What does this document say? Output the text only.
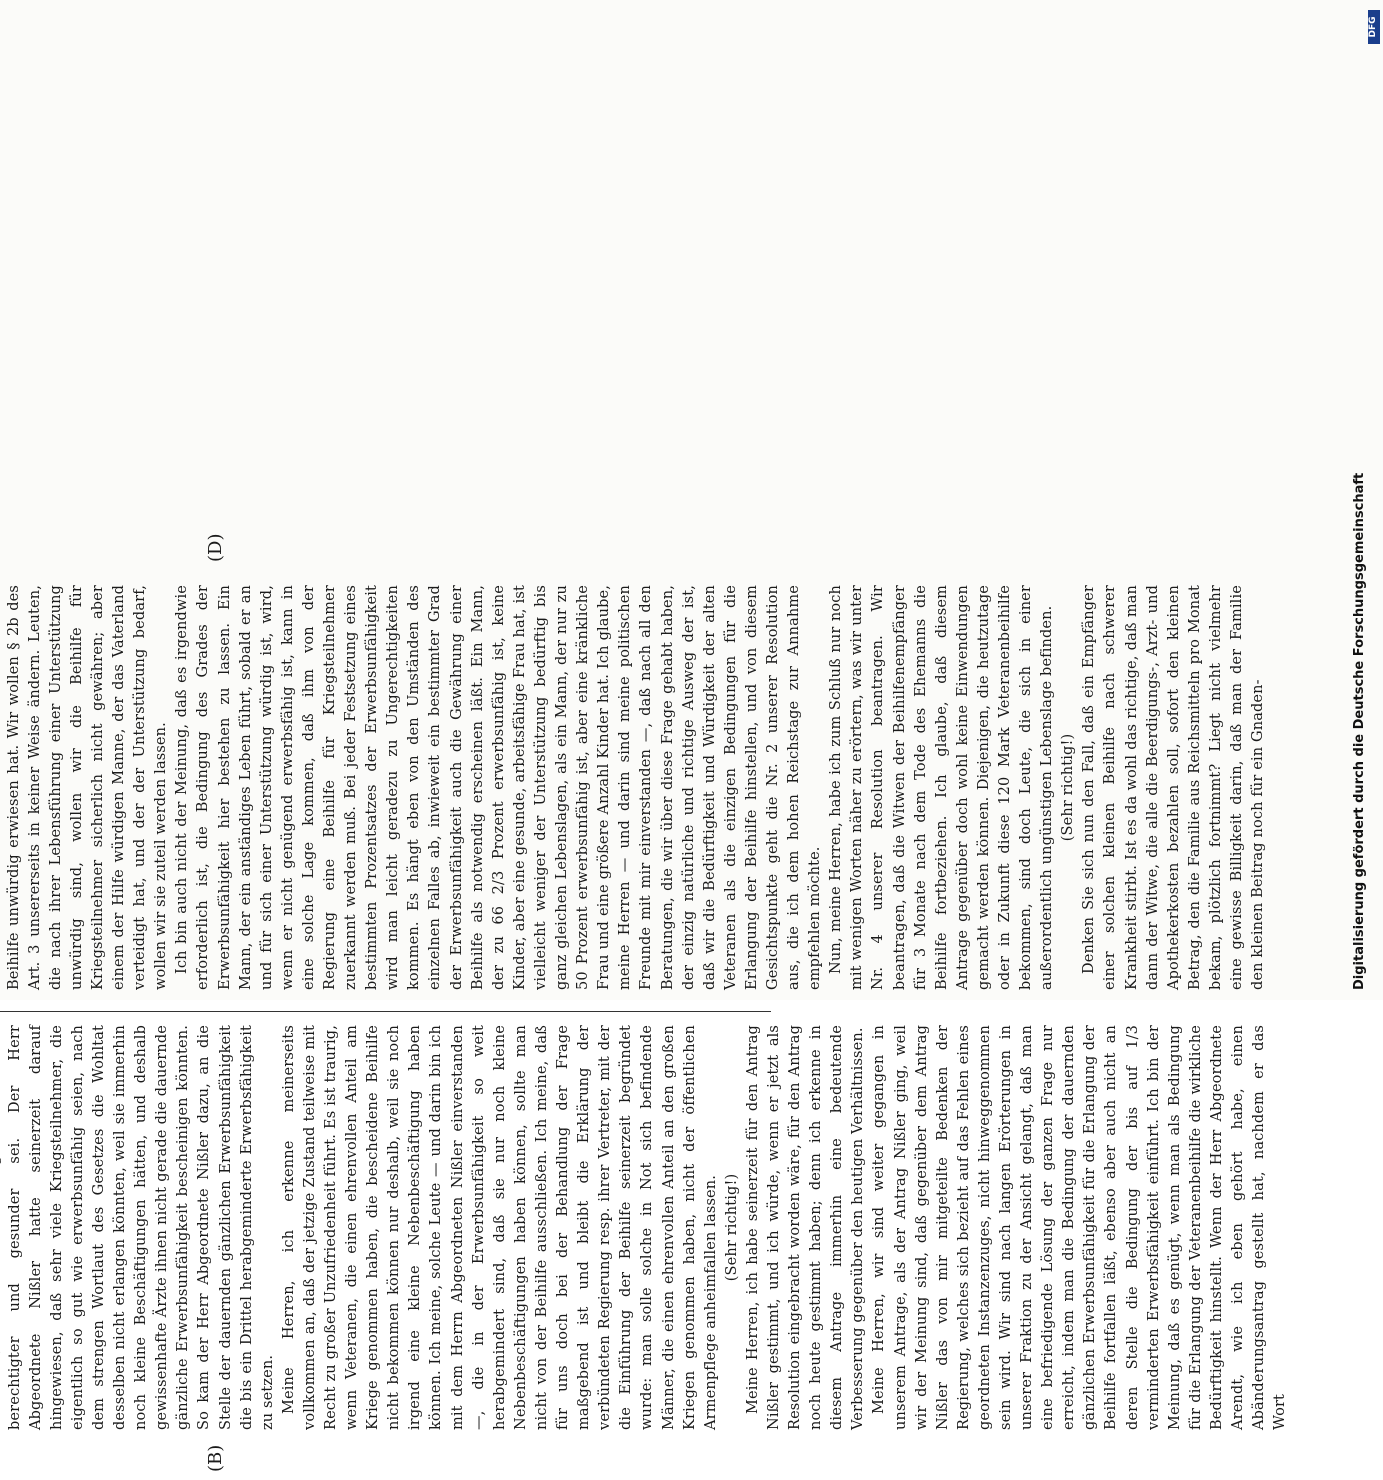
(B)
(D)

berechtigter und gesunder sei. Der Herr Abgeordnete Nißler hatte seinerzeit darauf hingewiesen, daß sehr viele Kriegsteilnehmer, die eigentlich so gut wie erwerbsunfähig seien, nach dem strengen Wortlaut des Gesetzes die Wohltat desselben nicht erlangen könnten, weil sie immerhin noch kleine Beschäftigungen hätten, und deshalb gewissenhafte Ärzte ihnen nicht gerade die dauernde gänzliche Erwerbsunfähigkeit bescheinigen könnten. So kam der Herr Abgeordnete Nißler dazu, an die Stelle der dauernden gänzlichen Erwerbsunfähigkeit die bis ein Drittel herabgeminderte Erwerbsfähigkeit zu setzen. Meine Herren, ich erkenne meinerseits vollkommen an, daß der jetzige Zustand teilweise mit Recht zu großer Unzufriedenheit führt. Es ist traurig, wenn Veteranen, die einen ehrenvollen Anteil am Kriege genommen haben, die bescheidene Beihilfe nicht bekommen können nur deshalb, weil sie noch irgend eine kleine Nebenbeschäftigung haben können. Ich meine, solche Leute — und darin bin ich mit dem Herrn Abgeordneten Nißler einverstanden —, die in der Erwerbsunfähigkeit so weit herabgemindert sind, daß sie nur noch kleine Nebenbeschäftigungen haben können, sollte man nicht von der Beihilfe ausschließen. Ich meine, daß für uns doch bei der Behandlung der Frage maßgebend ist und bleibt die Erklärung der verbündeten Regierung resp. ihrer Vertreter, mit der die Einführung der Beihilfe seinerzeit begründet wurde: man solle solche in Not sich befindende Männer, die einen ehrenvollen Anteil an den großen Kriegen genommen haben, nicht der öffentlichen Armenpflege anheimfallen lassen. (Sehr richtig!) Meine Herren, ich habe seinerzeit für den Antrag Nißler gestimmt, und ich würde, wenn er jetzt als Resolution eingebracht worden wäre, für den Antrag noch heute gestimmt haben; denn ich erkenne in diesem Antrage immerhin eine bedeutende Verbesserung gegenüber den heutigen Verhältnissen. Meine Herren, wir sind weiter gegangen in unserem Antrage, als der Antrag Nißler ging, weil wir der Meinung sind, daß gegenüber dem Antrag Nißler das von mir mitgeteilte Bedenken der Regierung, welches sich bezieht auf das Fehlen eines geordneten Instanzenzuges, nicht hinweggenommen sein wird. Wir sind nach langen Erörterungen in unserer Fraktion zu der Ansicht gelangt, daß man eine befriedigende Lösung der ganzen Frage nur erreicht, indem man die Bedingung der dauernden gänzlichen Erwerbsunfähigkeit für die Erlangung der Beihilfe fortfallen läßt, ebenso aber auch nicht an deren Stelle die Bedingung der bis auf 1/3 verminderten Erwerbsfähigkeit einführt. Ich bin der Meinung, daß es genügt, wenn man als Bedingung für die Erlangung der Veteranenbeihilfe die wirkliche Bedürftigkeit hinstellt. Wenn der Herr Abgeordnete Arendt, wie ich eben gehört habe, einen Abänderungsantrag gestellt hat, nachdem er das Wort

Beihilfe unwürdig erwiesen hat. Wir wollen § 2b des Art. 3 unsererseits in keiner Weise ändern. Leuten, die nach ihrer Lebensführung einer Unterstützung unwürdig sind, wollen wir die Beihilfe für Kriegsteilnehmer sicherlich nicht gewähren; aber einem der Hilfe würdigen Manne, der das Vaterland verteidigt hat, und der der Unterstützung bedarf, wollen wir sie zuteil werden lassen. Ich bin auch nicht der Meinung, daß es irgendwie erforderlich ist, die Bedingung des Grades der Erwerbsunfähigkeit hier bestehen zu lassen. Ein Mann, der ein anständiges Leben führt, sobald er an und für sich einer Unterstützung würdig ist, wird, wenn er nicht genügend erwerbsfähig ist, kann in eine solche Lage kommen, daß ihm von der Regierung eine Beihilfe für Kriegsteilnehmer zuerkannt werden muß. Bei jeder Festsetzung eines bestimmten Prozentsatzes der Erwerbsunfähigkeit wird man leicht geradezu zu Ungerechtigkeiten kommen. Es hängt eben von den Umständen des einzelnen Falles ab, inwieweit ein bestimmter Grad der Erwerbsunfähigkeit auch die Gewährung einer Beihilfe als notwendig erscheinen läßt. Ein Mann, der zu 66 2/3 Prozent erwerbsunfähig ist, keine Kinder, aber eine gesunde, arbeitsfähige Frau hat, ist vielleicht weniger der Unterstützung bedürftig bis ganz gleichen Lebenslagen, als ein Mann, der nur zu 50 Prozent erwerbsunfähig ist, aber eine kränkliche Frau und eine größere Anzahl Kinder hat. Ich glaube, meine Herren — und darin sind meine politischen Freunde mit mir einverstanden —, daß nach all den Beratungen, die wir über diese Frage gehabt haben, der einzig natürliche und richtige Ausweg der ist, daß wir die Bedürftigkeit und Würdigkeit der alten Veteranen als die einzigen Bedingungen für die Erlangung der Beihilfe hinstellen, und von diesem Gesichtspunkte geht die Nr. 2 unserer Resolution aus, die ich dem hohen Reichstage zur Annahme empfehlen möchte. Nun, meine Herren, habe ich zum Schluß nur noch mit wenigen Worten näher zu erörtern, was wir unter Nr. 4 unserer Resolution beantragen. Wir beantragen, daß die Witwen der Beihilfenempfänger für 3 Monate nach dem Tode des Ehemanns die Beihilfe fortbeziehen. Ich glaube, daß diesem Antrage gegenüber doch wohl keine Einwendungen gemacht werden können. Diejenigen, die heutzutage oder in Zukunft diese 120 Mark Veteranenbeihilfe bekommen, sind doch Leute, die sich in einer außerordentlich ungünstigen Lebenslage befinden. (Sehr richtig!) Denken Sie sich nun den Fall, daß ein Empfänger einer solchen kleinen Beihilfe nach schwerer Krankheit stirbt. Ist es da wohl das richtige, daß man dann der Witwe, die alle die Beerdigungs-, Arzt- und Apothekerkosten bezahlen soll, sofort den kleinen Betrag, den die Familie aus Reichsmitteln pro Monat bekam, plötzlich fortnimmt? Liegt nicht vielmehr eine gewisse Billigkeit darin, daß man der Familie den kleinen Beitrag noch für ein Gnaden-	Digitalisierung gefördert durch die Deutsche Forschungsgemeinschaft
DFG
